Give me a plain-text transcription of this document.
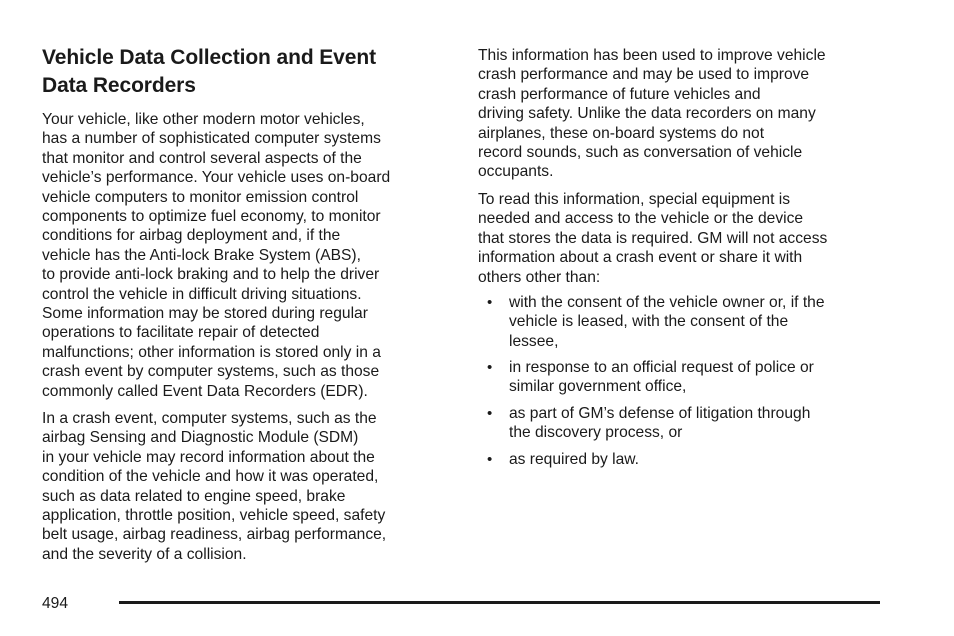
Vehicle Data Collection and Event
Data Recorders

Your vehicle, like other modern motor vehicles,
has a number of sophisticated computer systems
that monitor and control several aspects of the
vehicle’s performance. Your vehicle uses on-board
vehicle computers to monitor emission control
components to optimize fuel economy, to monitor
conditions for airbag deployment and, if the
vehicle has the Anti-lock Brake System (ABS),
to provide anti-lock braking and to help the driver
control the vehicle in difficult driving situations.
Some information may be stored during regular
operations to facilitate repair of detected
malfunctions; other information is stored only in a
crash event by computer systems, such as those
commonly called Event Data Recorders (EDR).

In a crash event, computer systems, such as the
airbag Sensing and Diagnostic Module (SDM)
in your vehicle may record information about the
condition of the vehicle and how it was operated,
such as data related to engine speed, brake
application, throttle position, vehicle speed, safety
belt usage, airbag readiness, airbag performance,
and the severity of a collision.

This information has been used to improve vehicle
crash performance and may be used to improve
crash performance of future vehicles and
driving safety. Unlike the data recorders on many
airplanes, these on-board systems do not
record sounds, such as conversation of vehicle
occupants.

To read this information, special equipment is
needed and access to the vehicle or the device
that stores the data is required. GM will not access
information about a crash event or share it with
others other than:

• with the consent of the vehicle owner or, if the
vehicle is leased, with the consent of the
lessee,
• in response to an official request of police or
similar government office,
• as part of GM’s defense of litigation through
the discovery process, or
• as required by law.
494
